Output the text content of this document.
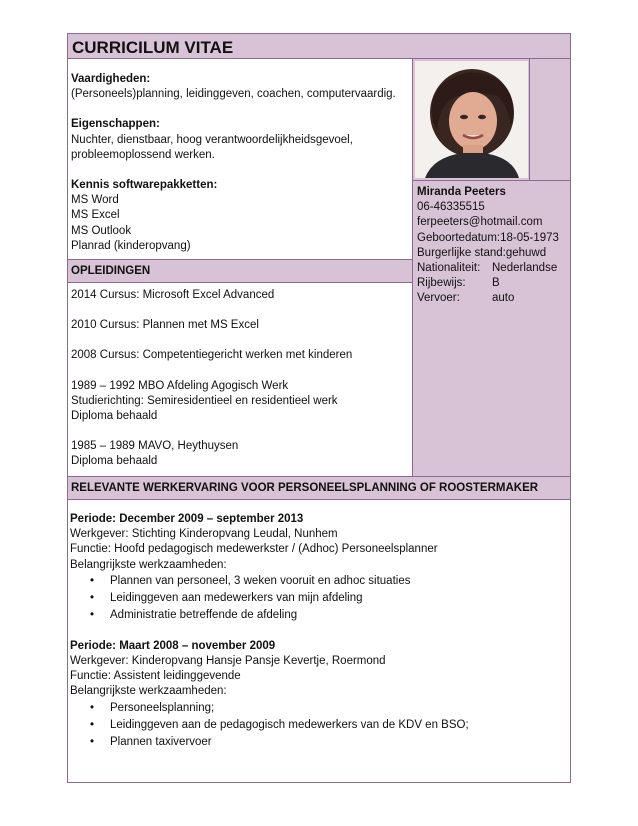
CURRICILUM VITAE
Vaardigheden:
(Personeels)planning, leidinggeven, coachen, computervaardig.
Eigenschappen:
Nuchter, dienstbaar, hoog verantwoordelijkheidsgevoel,
probleemoplossend werken.
Kennis softwarepakketten:
MS Word
MS Excel
MS Outlook
Planrad (kinderopvang)
Miranda Peeters
06-46335515
ferpeeters@hotmail.com
Geboortedatum:18-05-1973
Burgerlijke stand:gehuwd
Nationaliteit: Nederlandse
Rijbewijs: B
Vervoer:	auto
OPLEIDINGEN
2014 Cursus: Microsoft Excel Advanced
2010 Cursus: Plannen met MS Excel
2008 Cursus: Competentiegericht werken met kinderen
1989 – 1992 MBO Afdeling Agogisch Werk
Studierichting: Semiresidentieel en residentieel werk
Diploma behaald
1985 – 1989 MAVO, Heythuysen
Diploma behaald
RELEVANTE WERKERVARING VOOR PERSONEELSPLANNING OF ROOSTERMAKER
Periode: December 2009 – september 2013
Werkgever: Stichting Kinderopvang Leudal, Nunhem
Functie: Hoofd pedagogisch medewerkster / (Adhoc) Personeelsplanner
Belangrijkste werkzaamheden:
• Plannen van personeel, 3 weken vooruit en adhoc situaties
• Leidinggeven aan medewerkers van mijn afdeling
• Administratie betreffende de afdeling
Periode: Maart 2008 – november 2009
Werkgever: Kinderopvang Hansje Pansje Kevertje, Roermond
Functie: Assistent leidinggevende
Belangrijkste werkzaamheden:
• Personeelsplanning;
• Leidinggeven aan de pedagogisch medewerkers van de KDV en BSO;
• Plannen taxivervoer
